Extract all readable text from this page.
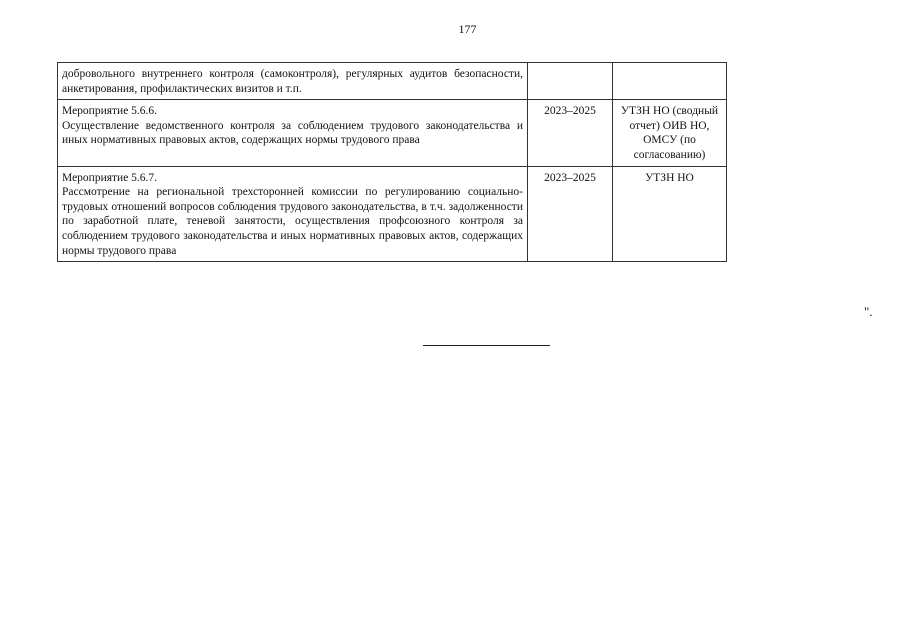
177
добровольного внутреннего контроля (самоконтроля), регулярных аудитов безопасности, анкетирования, профилактических визитов и т.п.		

Мероприятие 5.6.6.
Осуществление ведомственного контроля за соблюдением трудового законодательства и иных нормативных правовых актов, содержащих нормы трудового права	2023–2025	УТЗН НО (сводный отчет) ОИВ НО, ОМСУ (по согласованию)

Мероприятие 5.6.7.
Рассмотрение на региональной трехсторонней комиссии по регулированию социально-трудовых отношений вопросов соблюдения трудового законодательства, в т.ч. задолженности по заработной плате, теневой занятости, осуществления профсоюзного контроля за соблюдением трудового законодательства и иных нормативных правовых актов, содержащих нормы трудового права	2023–2025	УТЗН НО
".
